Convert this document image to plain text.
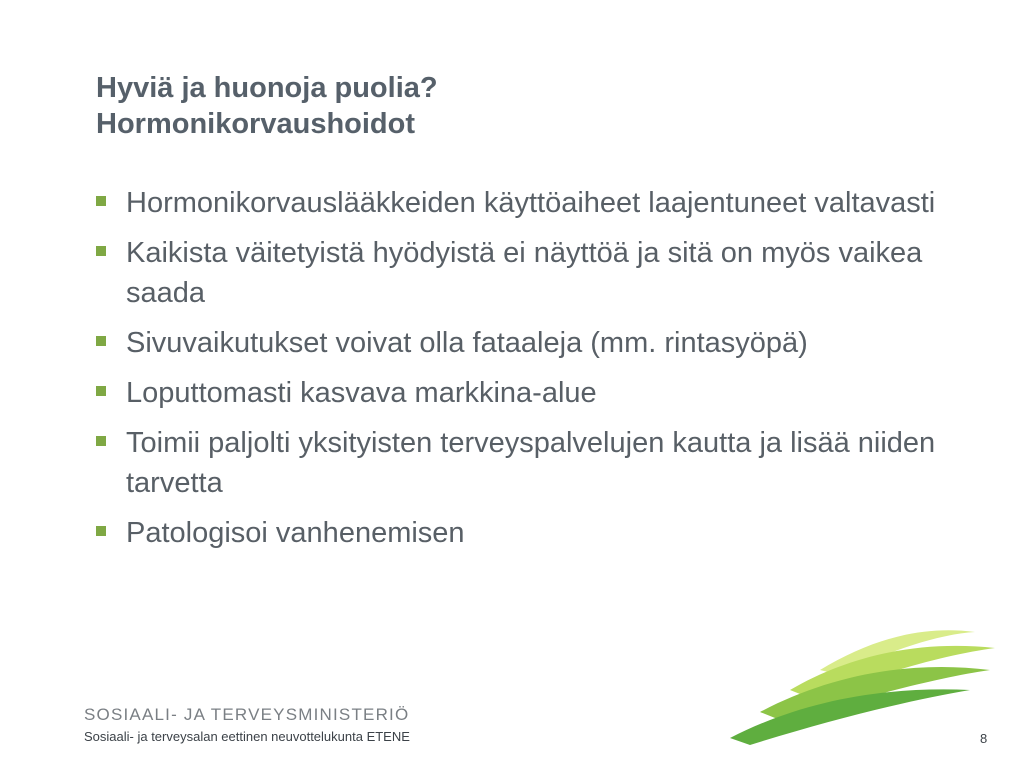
Hyviä ja huonoja puolia?
Hormonikorvaushoidot
Hormonikorvauslääkkeiden käyttöaiheet laajentuneet valtavasti
Kaikista väitetyistä hyödyistä ei näyttöä ja sitä on myös vaikea saada
Sivuvaikutukset voivat olla fataaleja (mm. rintasyöpä)
Loputtomasti kasvava markkina-alue
Toimii paljolti yksityisten terveyspalvelujen kautta ja lisää niiden tarvetta
Patologisoi vanhenemisen
SOSIAALI- JA TERVEYSMINISTERIÖ
Sosiaali- ja terveysalan eettinen neuvottelukunta ETENE	8
